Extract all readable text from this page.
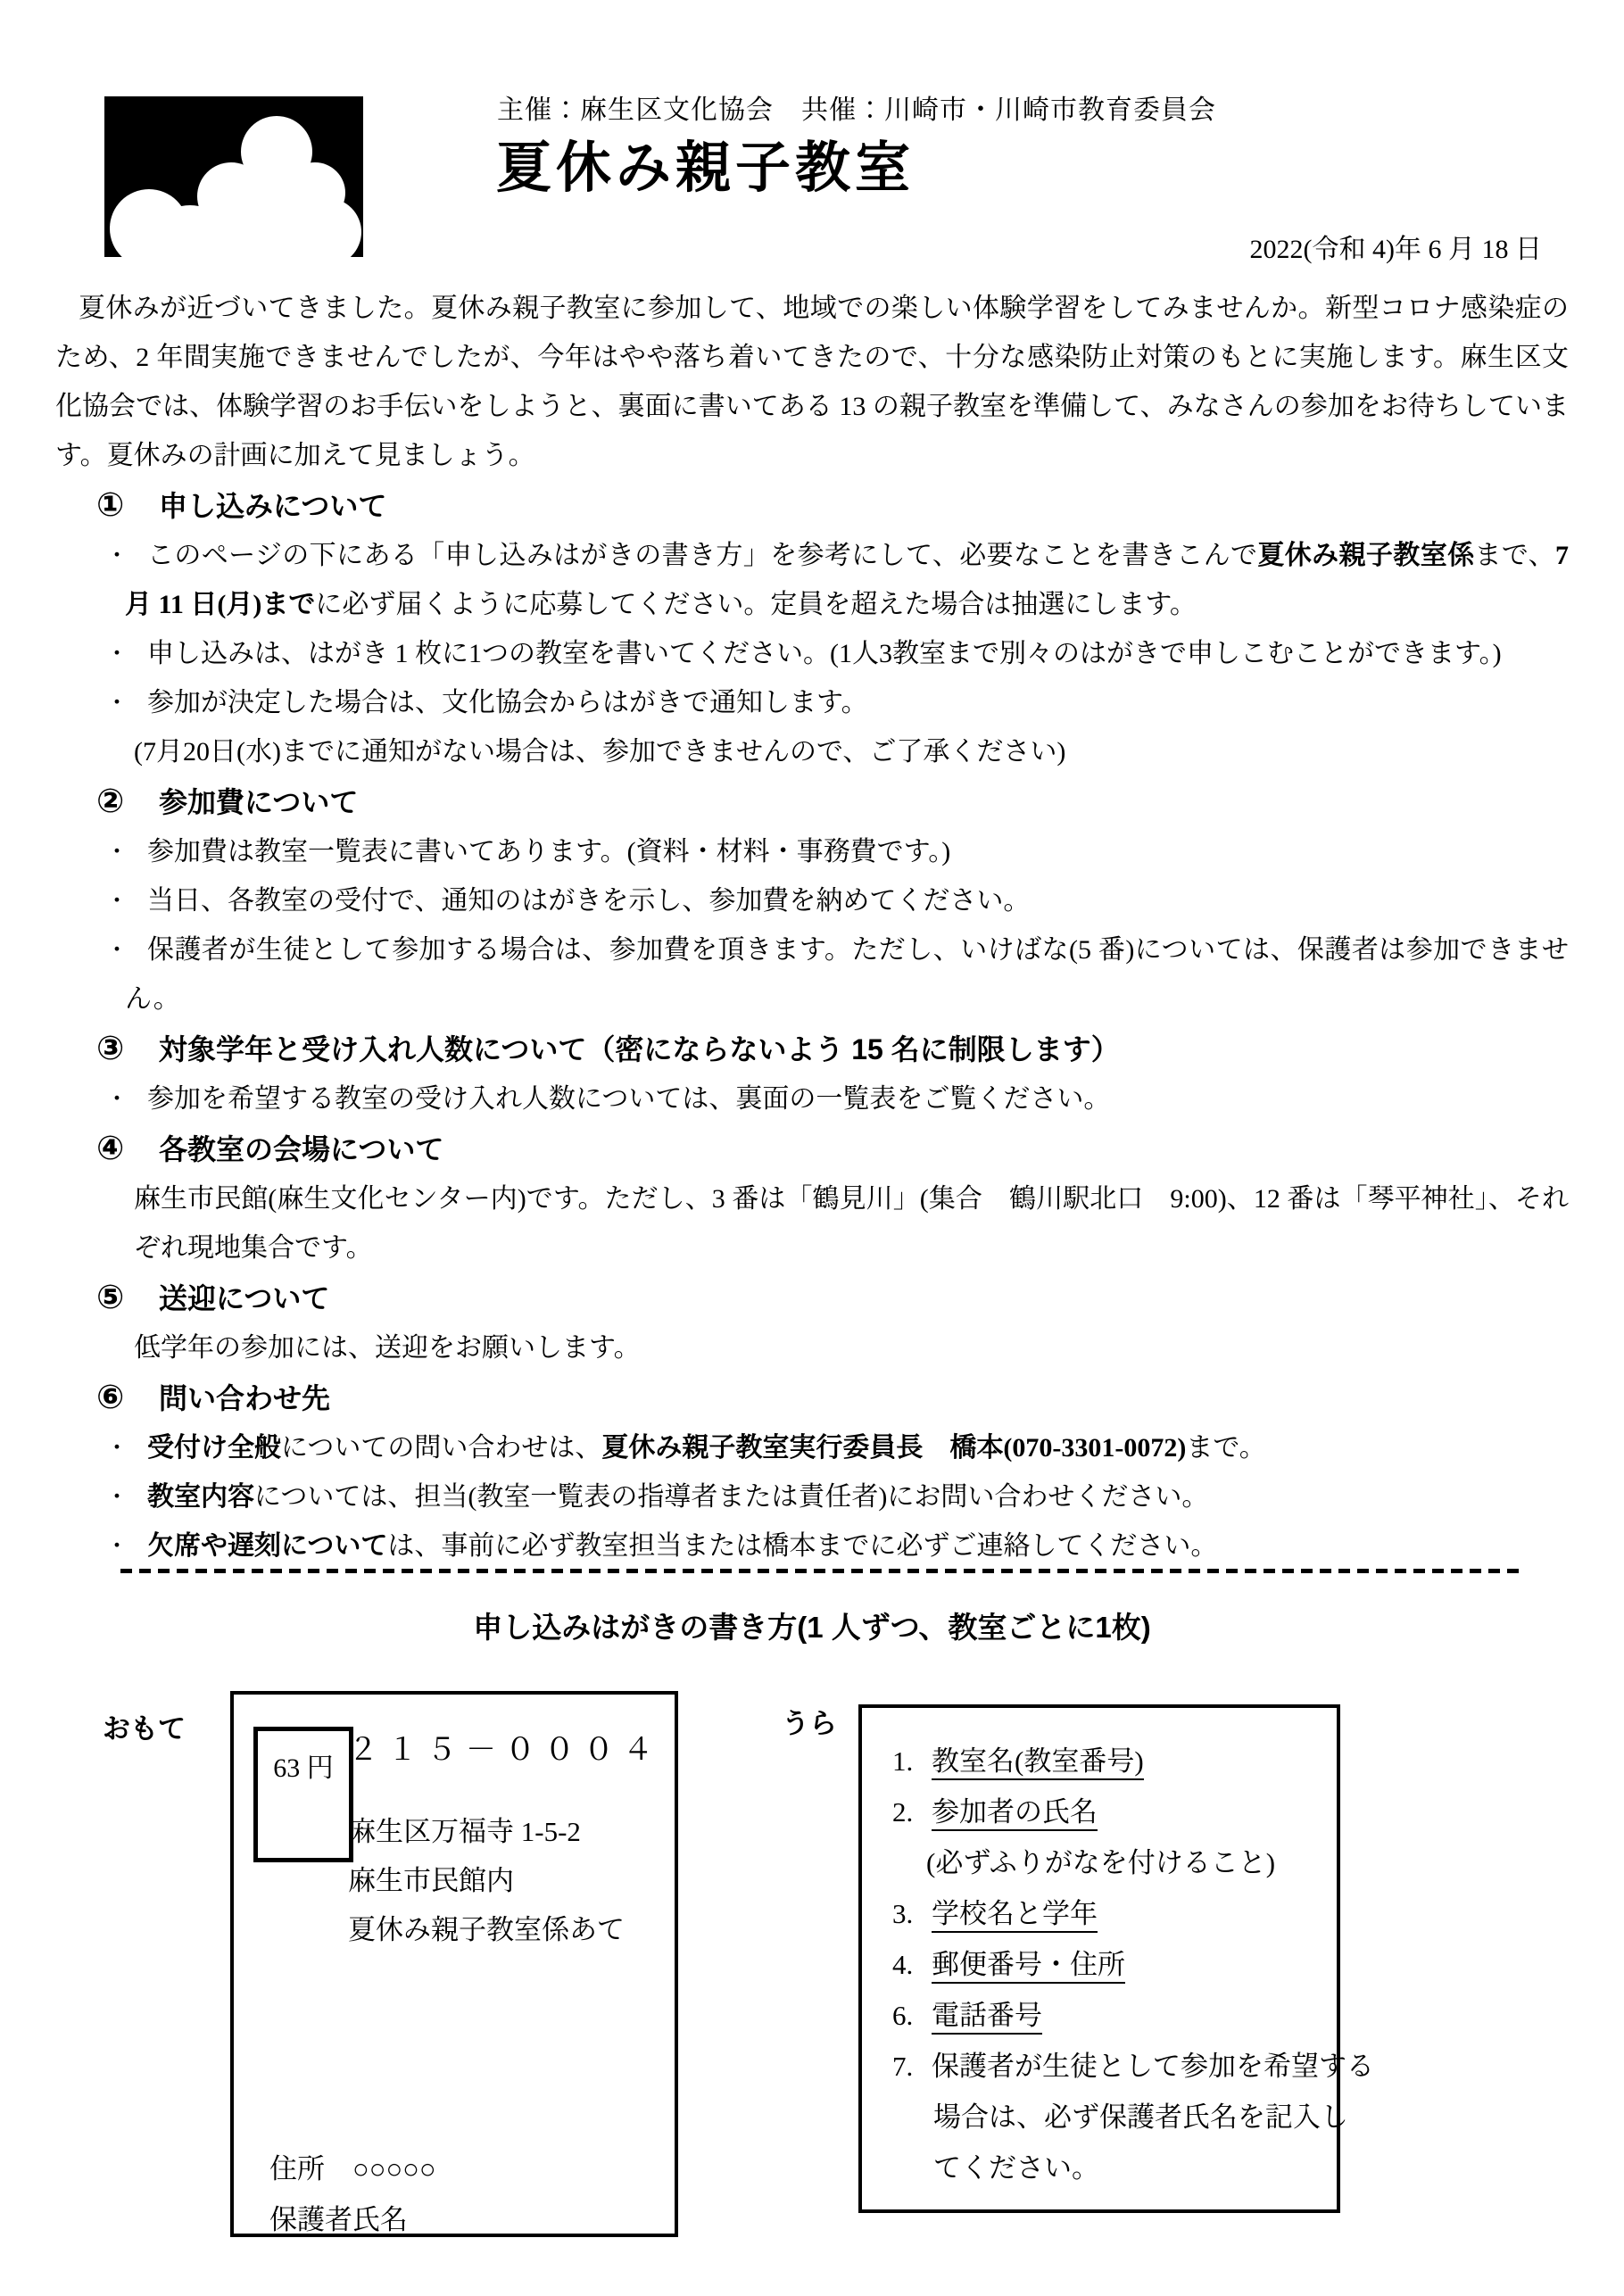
主催：麻生区文化協会　共催：川崎市・川崎市教育委員会
夏休み親子教室
2022(令和 4)年 6 月 18 日

夏休みが近づいてきました。夏休み親子教室に参加して、地域での楽しい体験学習をしてみませんか。新型コロナ感染症のため、2 年間実施できませんでしたが、今年はやや落ち着いてきたので、十分な感染防止対策のもとに実施します。麻生区文化協会では、体験学習のお手伝いをしようと、裏面に書いてある 13 の親子教室を準備して、みなさんの参加をお待ちしています。夏休みの計画に加えて見ましょう。

① 申し込みについて
・ このページの下にある「申し込みはがきの書き方」を参考にして、必要なことを書きこんで夏休み親子教室係まで、7 月 11 日(月)までに必ず届くように応募してください。定員を超えた場合は抽選にします。
・ 申し込みは、はがき 1 枚に1つの教室を書いてください。(1人3教室まで別々のはがきで申しこむことができます。)
・ 参加が決定した場合は、文化協会からはがきで通知します。
(7月20日(水)までに通知がない場合は、参加できませんので、ご了承ください)
② 参加費について
・ 参加費は教室一覧表に書いてあります。(資料・材料・事務費です。)
・ 当日、各教室の受付で、通知のはがきを示し、参加費を納めてください。
・ 保護者が生徒として参加する場合は、参加費を頂きます。ただし、いけばな(5 番)については、保護者は参加できません。
③ 対象学年と受け入れ人数について（密にならないよう 15 名に制限します）
・ 参加を希望する教室の受け入れ人数については、裏面の一覧表をご覧ください。
④ 各教室の会場について
麻生市民館(麻生文化センター内)です。ただし、3 番は「鶴見川」(集合　鶴川駅北口　9:00)、12 番は「琴平神社」、それぞれ現地集合です。
⑤ 送迎について
低学年の参加には、送迎をお願いします。
⑥ 問い合わせ先
・ 受付け全般についての問い合わせは、夏休み親子教室実行委員長　橋本(070-3301-0072)まで。
・ 教室内容については、担当(教室一覧表の指導者または責任者)にお問い合わせください。
・ 欠席や遅刻については、事前に必ず教室担当または橋本までに必ずご連絡してください。
申し込みはがきの書き方(1 人ずつ、教室ごとに1枚)
おもて	うら
63 円
２１５－０００４
麻生区万福寺 1-5-2
麻生市民館内
夏休み親子教室係あて
住所　○○○○○
保護者氏名
1. 教室名(教室番号)
2. 参加者の氏名
(必ずふりがなを付けること)
3. 学校名と学年
4. 郵便番号・住所
6. 電話番号
7. 保護者が生徒として参加を希望する
場合は、必ず保護者氏名を記入し
てください。
